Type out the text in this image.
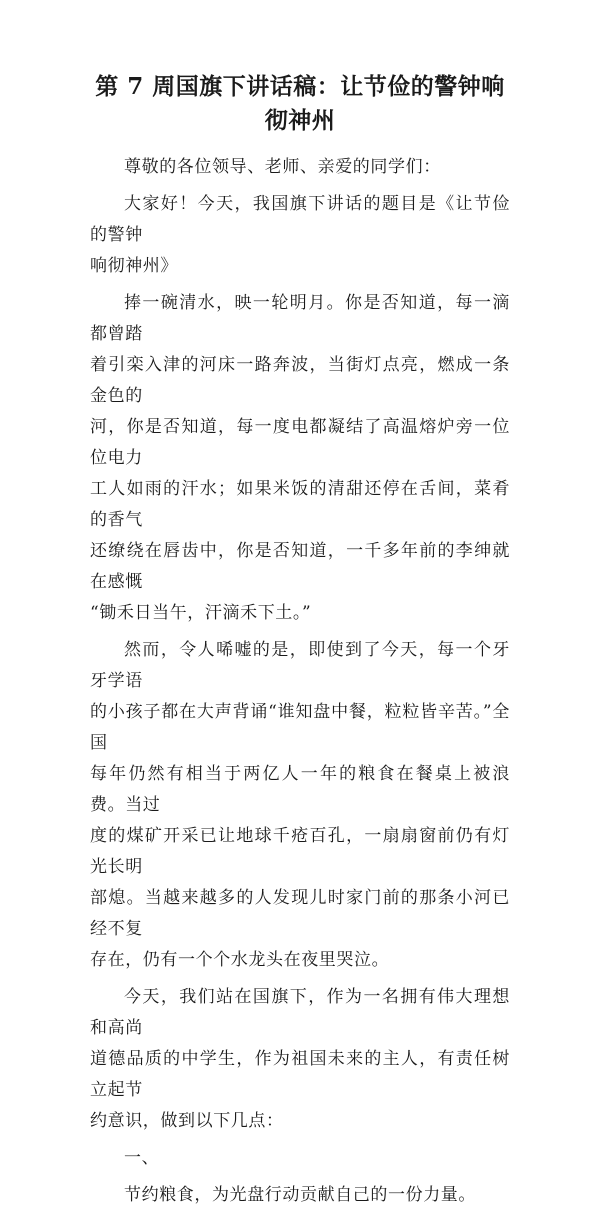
第 7 周国旗下讲话稿：让节俭的警钟响
彻神州

尊敬的各位领导、老师、亲爱的同学们：

大家好！今天，我国旗下讲话的题目是《让节俭的警钟
响彻神州》

捧一碗清水，映一轮明月。你是否知道，每一滴都曾踏
着引栾入津的河床一路奔波，当街灯点亮，燃成一条金色的
河，你是否知道，每一度电都凝结了高温熔炉旁一位位电力
工人如雨的汗水；如果米饭的清甜还停在舌间，菜肴的香气
还缭绕在唇齿中，你是否知道，一千多年前的李绅就在感慨
“锄禾日当午，汗滴禾下土。”

然而，令人唏嘘的是，即使到了今天，每一个牙牙学语
的小孩子都在大声背诵“谁知盘中餐，粒粒皆辛苦。”全国
每年仍然有相当于两亿人一年的粮食在餐桌上被浪费。当过
度的煤矿开采已让地球千疮百孔，一扇扇窗前仍有灯光长明
部熄。当越来越多的人发现儿时家门前的那条小河已经不复
存在，仍有一个个水龙头在夜里哭泣。

今天，我们站在国旗下，作为一名拥有伟大理想和高尚
道德品质的中学生，作为祖国未来的主人，有责任树立起节
约意识，做到以下几点：

一、

节约粮食，为光盘行动贡献自己的一份力量。
